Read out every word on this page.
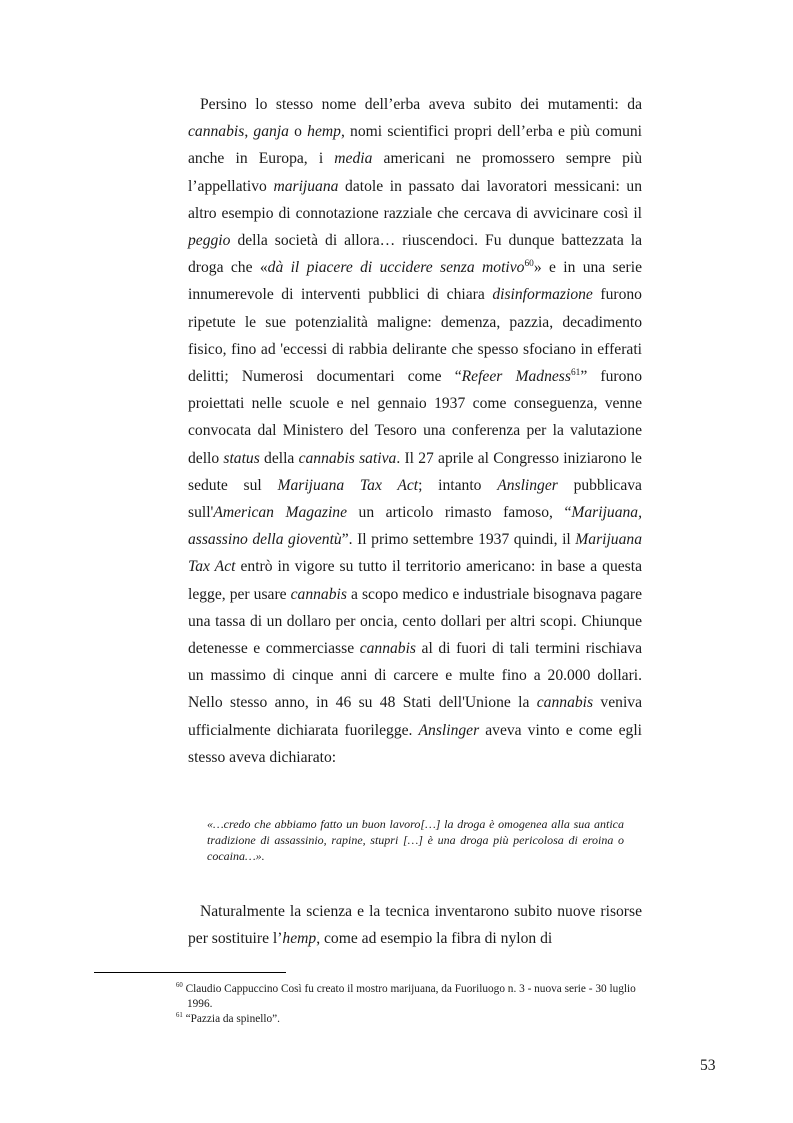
Persino lo stesso nome dell’erba aveva subito dei mutamenti: da cannabis, ganja o hemp, nomi scientifici propri dell’erba e più comuni anche in Europa, i media americani ne promossero sempre più l’appellativo marijuana datole in passato dai lavoratori messicani: un altro esempio di connotazione razziale che cercava di avvicinare così il peggio della società di allora… riuscendoci. Fu dunque battezzata la droga che «dà il piacere di uccidere senza motivo$^{60}$» e in una serie innumerevole di interventi pubblici di chiara disinformazione furono ripetute le sue potenzialità maligne: demenza, pazzia, decadimento fisico, fino ad 'eccessi di rabbia delirante che spesso sfociano in efferati delitti; Numerosi documentari come “Refeer Madness$^{61}$” furono proiettati nelle scuole e nel gennaio 1937 come conseguenza, venne convocata dal Ministero del Tesoro una conferenza per la valutazione dello status della cannabis sativa. Il 27 aprile al Congresso iniziarono le sedute sul Marijuana Tax Act; intanto Anslinger pubblicava sull'American Magazine un articolo rimasto famoso, “Marijuana, assassino della gioventù”. Il primo settembre 1937 quindi, il Marijuana Tax Act entrò in vigore su tutto il territorio americano: in base a questa legge, per usare cannabis a scopo medico e industriale bisognava pagare una tassa di un dollaro per oncia, cento dollari per altri scopi. Chiunque detenesse e commerciasse cannabis al di fuori di tali termini rischiava un massimo di cinque anni di carcere e multe fino a 20.000 dollari. Nello stesso anno, in 46 su 48 Stati dell'Unione la cannabis veniva ufficialmente dichiarata fuorilegge. Anslinger aveva vinto e come egli stesso aveva dichiarato:

«…credo che abbiamo fatto un buon lavoro[…] la droga è omogenea alla sua antica tradizione di assassinio, rapine, stupri […] è una droga più pericolosa di eroina o cocaina…».

Naturalmente la scienza e la tecnica inventarono subito nuove risorse per sostituire l’hemp, come ad esempio la fibra di nylon di

$^{60}$ Claudio Cappuccino Così fu creato il mostro marijuana, da Fuoriluogo n. 3 - nuova serie - 30 luglio 1996.

$^{61}$ “Pazzia da spinello”.

53
